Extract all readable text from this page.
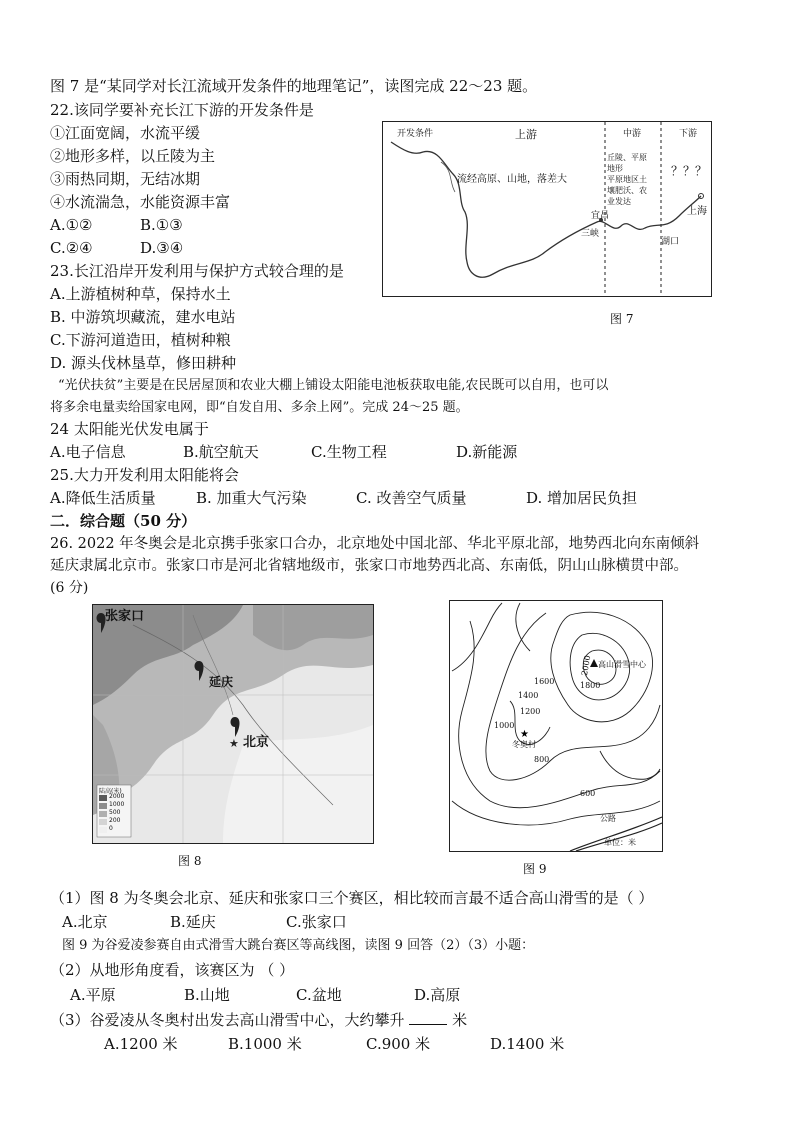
图 7 是“某同学对长江流域开发条件的地理笔记”，读图完成 22～23 题。
22.该同学要补充长江下游的开发条件是
①江面宽阔，水流平缓
②地形多样，以丘陵为主
③雨热同期，无结冰期
④水流湍急，水能资源丰富
A.①②	B.①③
C.②④	D.③④
23.长江沿岸开发利用与保护方式较合理的是
A.上游植树种草，保持水土
B. 中游筑坝藏流，建水电站
C.下游河道造田，植树种粮
D. 源头伐林垦草，修田耕种
开发条件	上游	中游	下游
流经高原、山地，落差大
丘陵、平原
地形
平原地区土
壤肥沃、农
业发达
？？？
宜昌
三峡
湖口
上海
图 7
“光伏扶贫”主要是在民居屋顶和农业大棚上铺设太阳能电池板获取电能,农民既可以自用，也可以
将多余电量卖给国家电网，即“自发自用、多余上网”。完成 24～25 题。
24 太阳能光伏发电属于
A.电子信息	B.航空航天	C.生物工程	D.新能源
25.大力开发利用太阳能将会
A.降低生活质量	B. 加重大气污染	C. 改善空气质量	D. 增加居民负担
二．综合题（50 分）
26. 2022 年冬奥会是北京携手张家口合办，北京地处中国北部、华北平原北部，地势西北向东南倾斜
延庆隶属北京市。张家口市是河北省辖地级市，张家口市地势西北高、东南低，阴山山脉横贯中部。
(6 分)
★
张家口
延庆
北京
陆高(米)
2000
1000
500
200
0
图 8
★
高山滑雪中心
冬奥村
2000
1800
1600
1400
1200
1000
800
600
公路
单位：米
图 9
（1）图 8 为冬奥会北京、延庆和张家口三个赛区，相比较而言最不适合高山滑雪的是（ ）
A.北京	B.延庆	C.张家口
图 9 为谷爱凌参赛自由式滑雪大跳台赛区等高线图，读图 9 回答（2）（3）小题：
（2）从地形角度看，该赛区为 （ ）
A.平原	B.山地	C.盆地	D.高原
（3）谷爱凌从冬奥村出发去高山滑雪中心，大约攀升	米
A.1200 米	B.1000 米	C.900 米	D.1400 米
